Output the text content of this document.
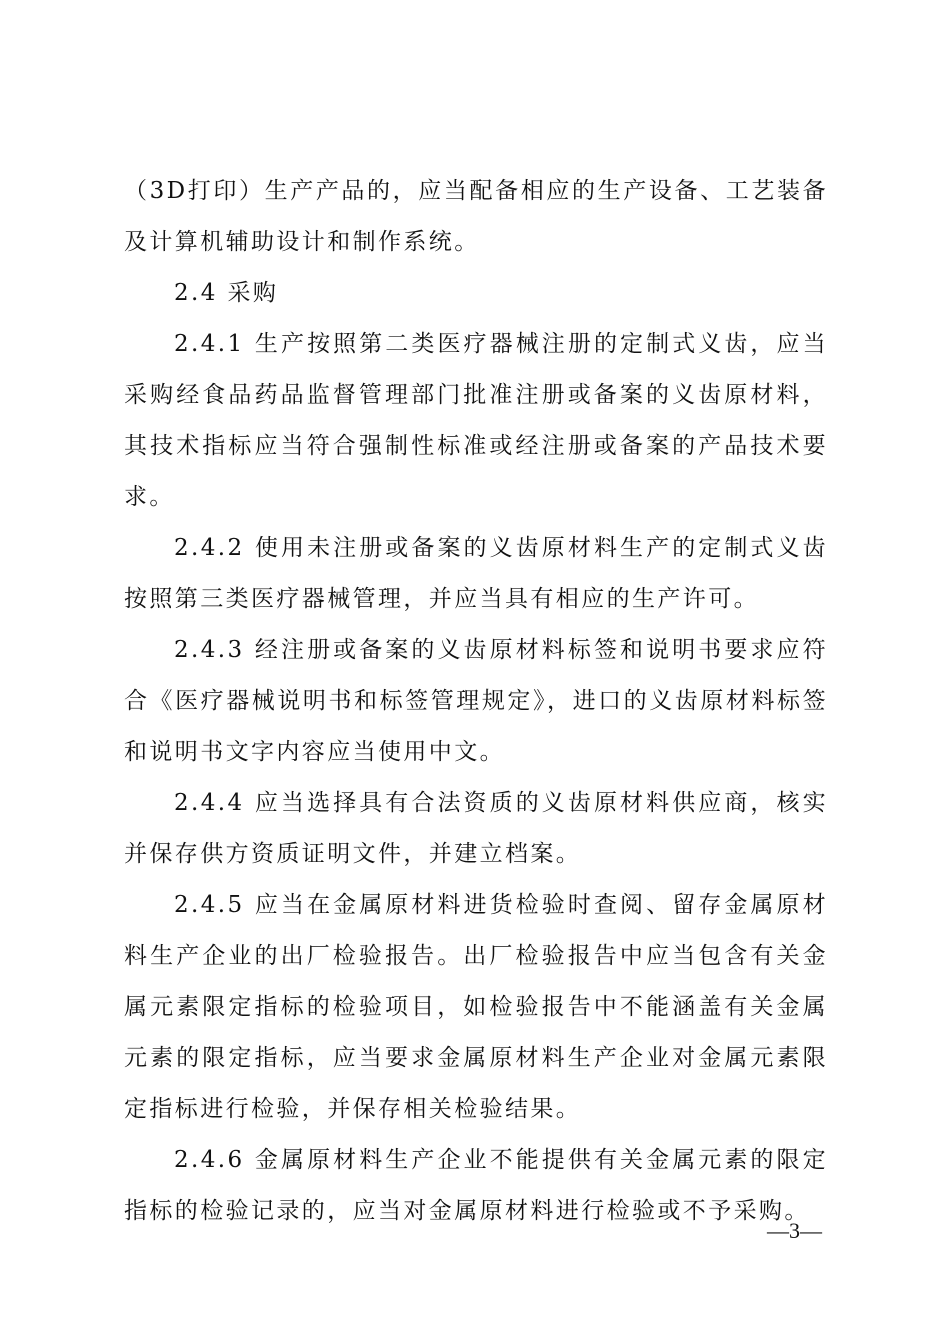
（3D打印）生产产品的，应当配备相应的生产设备、工艺装备及计算机辅助设计和制作系统。

2.4 采购

2.4.1 生产按照第二类医疗器械注册的定制式义齿，应当采购经食品药品监督管理部门批准注册或备案的义齿原材料，其技术指标应当符合强制性标准或经注册或备案的产品技术要求。

2.4.2 使用未注册或备案的义齿原材料生产的定制式义齿按照第三类医疗器械管理，并应当具有相应的生产许可。

2.4.3 经注册或备案的义齿原材料标签和说明书要求应符合《医疗器械说明书和标签管理规定》，进口的义齿原材料标签和说明书文字内容应当使用中文。

2.4.4 应当选择具有合法资质的义齿原材料供应商，核实并保存供方资质证明文件，并建立档案。

2.4.5 应当在金属原材料进货检验时查阅、留存金属原材料生产企业的出厂检验报告。出厂检验报告中应当包含有关金属元素限定指标的检验项目，如检验报告中不能涵盖有关金属元素的限定指标，应当要求金属原材料生产企业对金属元素限定指标进行检验，并保存相关检验结果。

2.4.6 金属原材料生产企业不能提供有关金属元素的限定指标的检验记录的，应当对金属原材料进行检验或不予采购。

—3—
